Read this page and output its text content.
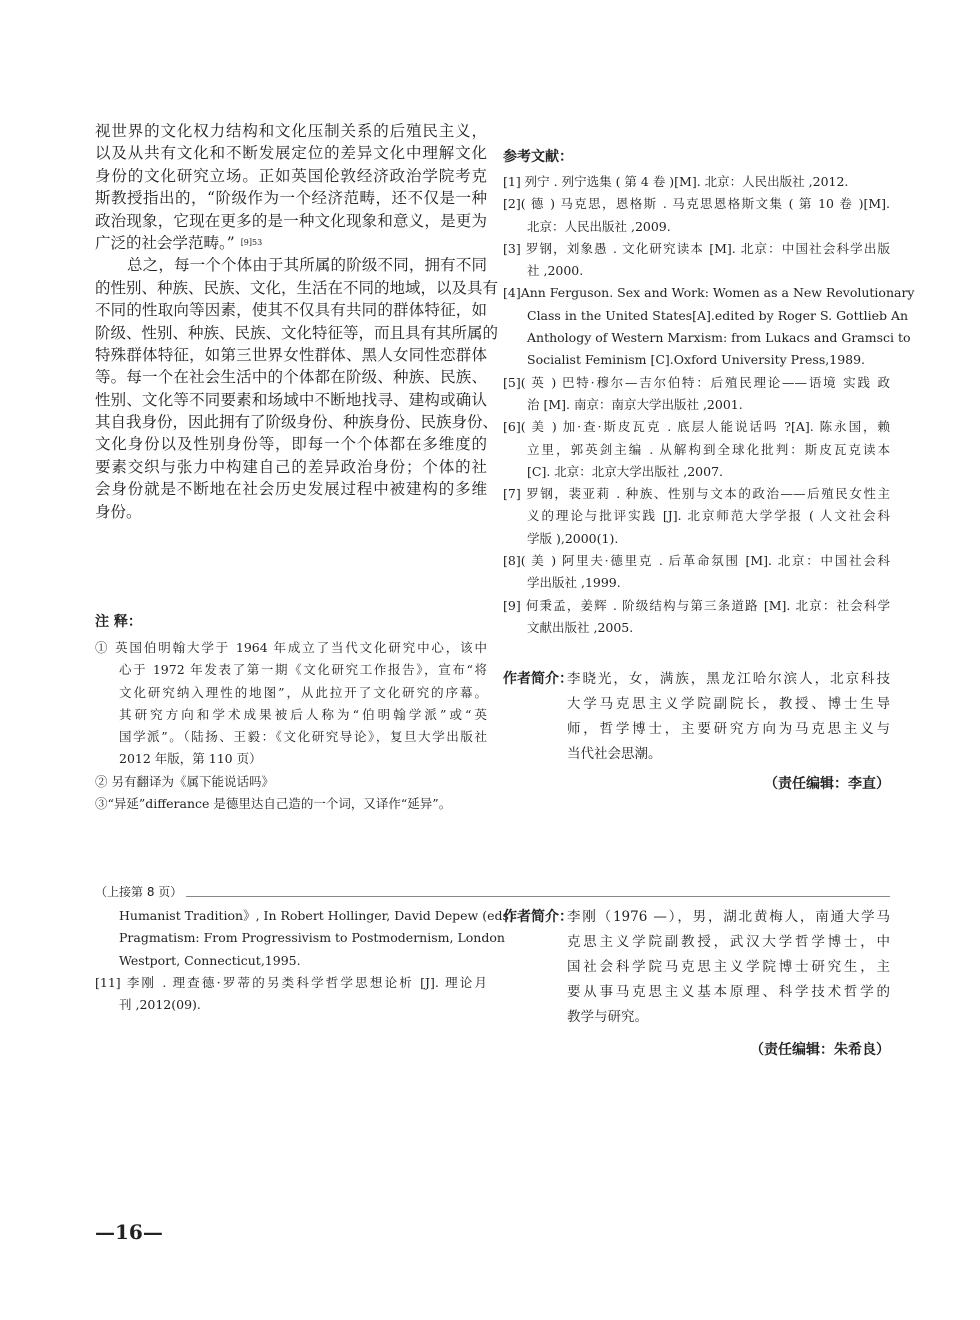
视世界的文化权力结构和文化压制关系的后殖民主义，
以及从共有文化和不断发展定位的差异文化中理解文化
身份的文化研究立场。正如英国伦敦经济政治学院考克
斯教授指出的，“阶级作为一个经济范畴，还不仅是一种
政治现象，它现在更多的是一种文化现象和意义，是更为
广泛的社会学范畴。” $^{[9]53}$
总之，每一个个体由于其所属的阶级不同，拥有不同
的性别、种族、民族、文化，生活在不同的地域，以及具有
不同的性取向等因素，使其不仅具有共同的群体特征，如
阶级、性别、种族、民族、文化特征等，而且具有其所属的
特殊群体特征，如第三世界女性群体、黑人女同性恋群体
等。每一个在社会生活中的个体都在阶级、种族、民族、
性别、文化等不同要素和场域中不断地找寻、建构或确认
其自我身份，因此拥有了阶级身份、种族身份、民族身份、
文化身份以及性别身份等，即每一个个体都在多维度的
要素交织与张力中构建自己的差异政治身份；个体的社
会身份就是不断地在社会历史发展过程中被建构的多维
身份。
注 释：
① 英国伯明翰大学于 1964 年成立了当代文化研究中心，该中
心于 1972 年发表了第一期《文化研究工作报告》，宣布“将
文化研究纳入理性的地图”，从此拉开了文化研究的序幕。
其研究方向和学术成果被后人称为“伯明翰学派”或“英
国学派”。（陆扬、王毅：《文化研究导论》，复旦大学出版社
2012 年版，第 110 页）
② 另有翻译为《属下能说话吗》
③“异延”differance 是德里达自己造的一个词，又译作“延异”。
参考文献：
[1] 列宁 . 列宁选集 ( 第 4 卷 )[M]. 北京：人民出版社 ,2012.
[2]( 德 ) 马克思，恩格斯 . 马克思恩格斯文集 ( 第 10 卷 )[M].
北京：人民出版社 ,2009.
[3] 罗钢，刘象愚 . 文化研究读本 [M]. 北京：中国社会科学出版
社 ,2000.
[4]Ann Ferguson. Sex and Work: Women as a New Revolutionary
Class in the United States[A].edited by Roger S. Gottlieb An
Anthology of Western Marxism: from Lukacs and Gramsci to
Socialist Feminism [C].Oxford University Press,1989.
[5]( 英 ) 巴特·穆尔—吉尔伯特：后殖民理论——语境 实践 政
治 [M]. 南京：南京大学出版社 ,2001.
[6]( 美 ) 加·查·斯皮瓦克 . 底层人能说话吗 ?[A]. 陈永国，赖
立里，郭英剑主编 . 从解构到全球化批判：斯皮瓦克读本
[C]. 北京：北京大学出版社 ,2007.
[7] 罗钢，裴亚莉 . 种族、性别与文本的政治——后殖民女性主
义的理论与批评实践 [J]. 北京师范大学学报 ( 人文社会科
学版 ),2000(1).
[8]( 美 ) 阿里夫·德里克 . 后革命氛围 [M]. 北京：中国社会科
学出版社 ,1999.
[9] 何秉孟，姜辉 . 阶级结构与第三条道路 [M]. 北京：社会科学
文献出版社 ,2005.
作者简介：
李晓光，女，满族，黑龙江哈尔滨人，北京科技
大学马克思主义学院副院长，教授、博士生导
师，哲学博士，主要研究方向为马克思主义与
当代社会思潮。
（责任编辑：李直）
（上接第 8 页）
Humanist Tradition》, In Robert Hollinger, David Depew (eds)
Pragmatism: From Progressivism to Postmodernism, London
Westport, Connecticut,1995.
[11] 李刚 . 理查德·罗蒂的另类科学哲学思想论析 [J]. 理论月
刊 ,2012(09).
作者简介：
李刚（1976 —），男，湖北黄梅人，南通大学马
克思主义学院副教授，武汉大学哲学博士，中
国社会科学院马克思主义学院博士研究生，主
要从事马克思主义基本原理、科学技术哲学的
教学与研究。
（责任编辑：朱希良）
—16—
